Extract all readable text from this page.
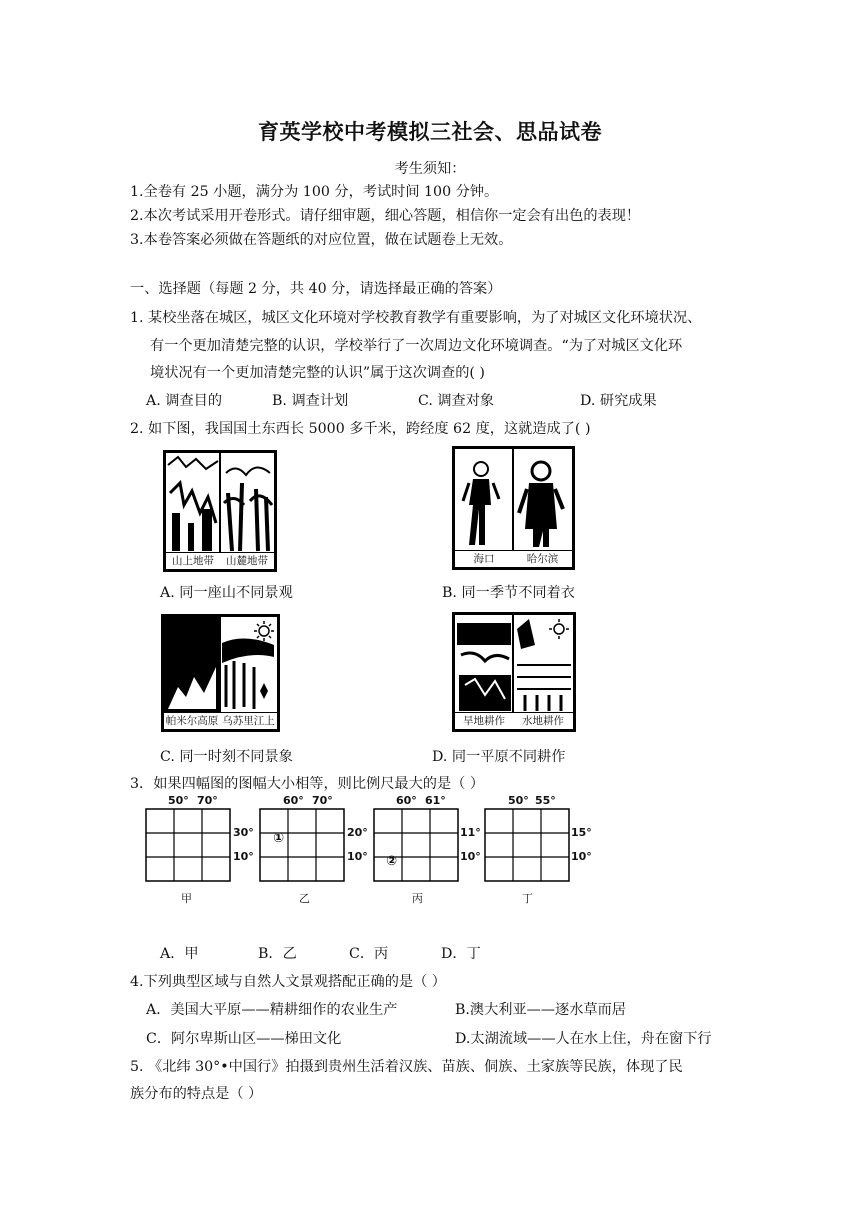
育英学校中考模拟三社会、思品试卷
考生须知：
1.全卷有 25 小题，满分为 100 分，考试时间 100 分钟。
2.本次考试采用开卷形式。请仔细审题，细心答题，相信你一定会有出色的表现！
3.本卷答案必须做在答题纸的对应位置，做在试题卷上无效。
一、选择题（每题 2 分，共 40 分，请选择最正确的答案）
1. 某校坐落在城区，城区文化环境对学校教育教学有重要影响，为了对城区文化环境状况、
有一个更加清楚完整的认识，学校举行了一次周边文化环境调查。“为了对城区文化环
境状况有一个更加清楚完整的认识”属于这次调查的( )
A. 调查目的	B. 调查计划	C. 调查对象	D. 研究成果
2. 如下图，我国国土东西长 5000 多千米，跨经度 62 度，这就造成了( )
山上地带	山麓地带
A. 同一座山不同景观
海口	哈尔滨
B. 同一季节不同着衣
帕米尔高原 乌苏里江上
C. 同一时刻不同景象
旱地耕作	水地耕作
D. 同一平原不同耕作
3．如果四幅图的图幅大小相等，则比例尺最大的是（ ）
50° 70°
30°
10°
甲
60° 70°
①	20°
10°
乙
60° 61°
②
11°
10°
丙
50° 55°
15°
10°
丁
A．甲	B．乙	C．丙	D．丁
4.下列典型区域与自然人文景观搭配正确的是（ ）
A．美国大平原——精耕细作的农业生产	B.澳大利亚——逐水草而居
C．阿尔卑斯山区——梯田文化	D.太湖流域——人在水上住，舟在窗下行
5. 《北纬 30°•中国行》拍摄到贵州生活着汉族、苗族、侗族、土家族等民族，体现了民
族分布的特点是（ ）
